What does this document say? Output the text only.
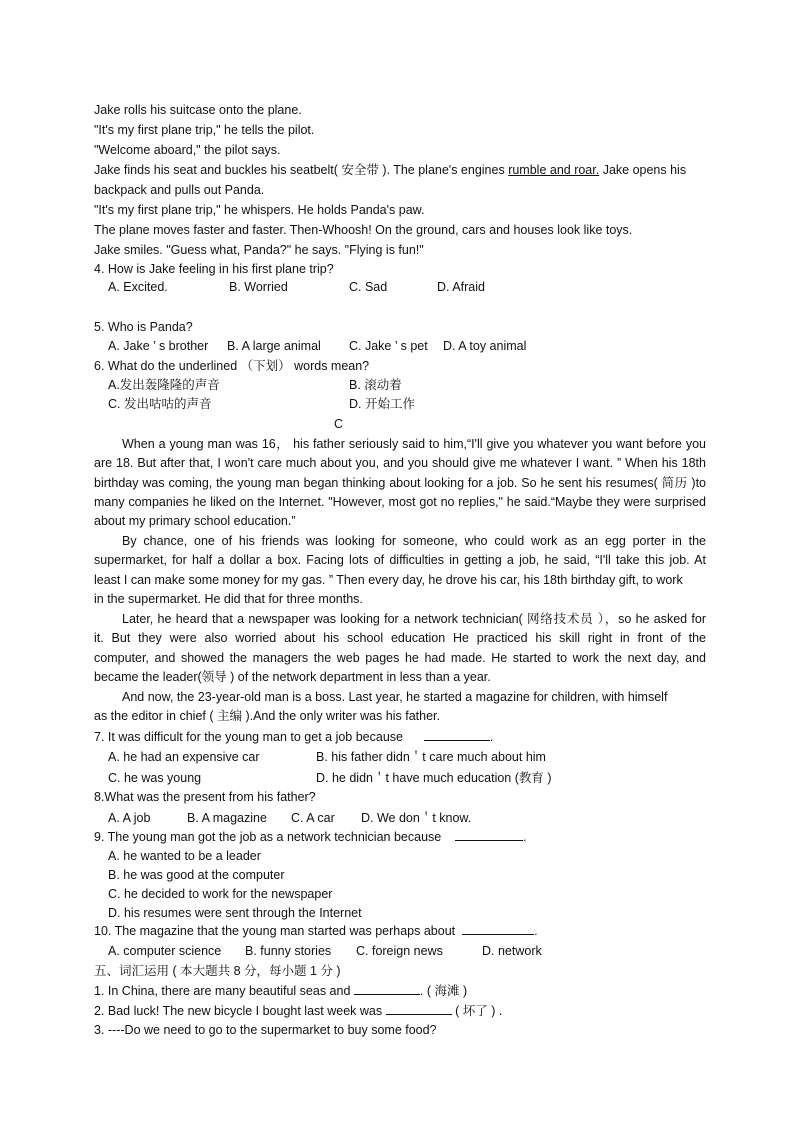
Jake rolls his suitcase onto the plane.
"It's my first plane trip," he tells the pilot.
"Welcome aboard," the pilot says.
Jake finds his seat and buckles his seatbelt( 安全带 ). The plane's engines rumble and roar. Jake opens his
backpack and pulls out Panda.
"It's my first plane trip," he whispers. He holds Panda's paw.
The plane moves faster and faster. Then-Whoosh! On the ground, cars and houses look like toys.
Jake smiles. "Guess what, Panda?" he says. "Flying is fun!"
4. How is Jake feeling in his first plane trip?
A. Excited.	B. Worried	C. Sad	D. Afraid
5. Who is Panda?
A. Jake ’ s brother	B. A large animal	C. Jake ’ s pet	D. A toy animal
6. What do the underlined （下划） words mean?
A.发出轰隆隆的声音	B. 滚动着
C. 发出咕咕的声音	D. 开始工作
C
When a young man was 16， his father seriously said to him,“I'll give you whatever you want before you
are 18. But after that, I won't care much about you, and you should give me whatever I want. ” When his 18th
birthday was coming, the young man began thinking about looking for a job. So he sent his resumes( 简历 )to
many companies he liked on the Internet. "However, most got no replies," he said.“Maybe they were surprised
about my primary school education.”
By chance, one of his friends was looking for someone, who could work as an egg porter in the
supermarket, for half a dollar a box. Facing lots of difficulties in getting a job, he said, “I'll take this job. At
least I can make some money for my gas. ” Then every day, he drove his car, his 18th birthday gift, to work
in the supermarket. He did that for three months.
Later, he heard that a newspaper was looking for a network technician( 网络技术员 ），so he asked for
it. But they were also worried about his school education He practiced his skill right in front of the
computer, and showed the managers the web pages he had made. He started to work the next day, and
became the leader(领导 ) of the network department in less than a year.
And now, the 23-year-old man is a boss. Last year, he started a magazine for children, with himself
as the editor in chief ( 主编 ).And the only writer was his father.
7. It was difficult for the young man to get a job because	.
A. he had an expensive car	B. his father didn＇t care much about him
C. he was young	D. he didn＇t have much education (教育 )
8.What was the present from his father?
A. A job	B. A magazine	C. A car	D. We don＇t know.
9. The young man got the job as a network technician because	.
A. he wanted to be a leader
B. he was good at the computer
C. he decided to work for the newspaper
D. his resumes were sent through the Internet
10. The magazine that the young man started was perhaps about	.
A. computer science	B. funny stories	C. foreign news	D. network
五、词汇运用 ( 本大题共 8 分，每小题 1 分 )
1. In China, there are many beautiful seas and	. ( 海滩 )
2. Bad luck! The new bicycle I bought last week was	( 坏了 ) .
3. ----Do we need to go to the supermarket to buy some food?
